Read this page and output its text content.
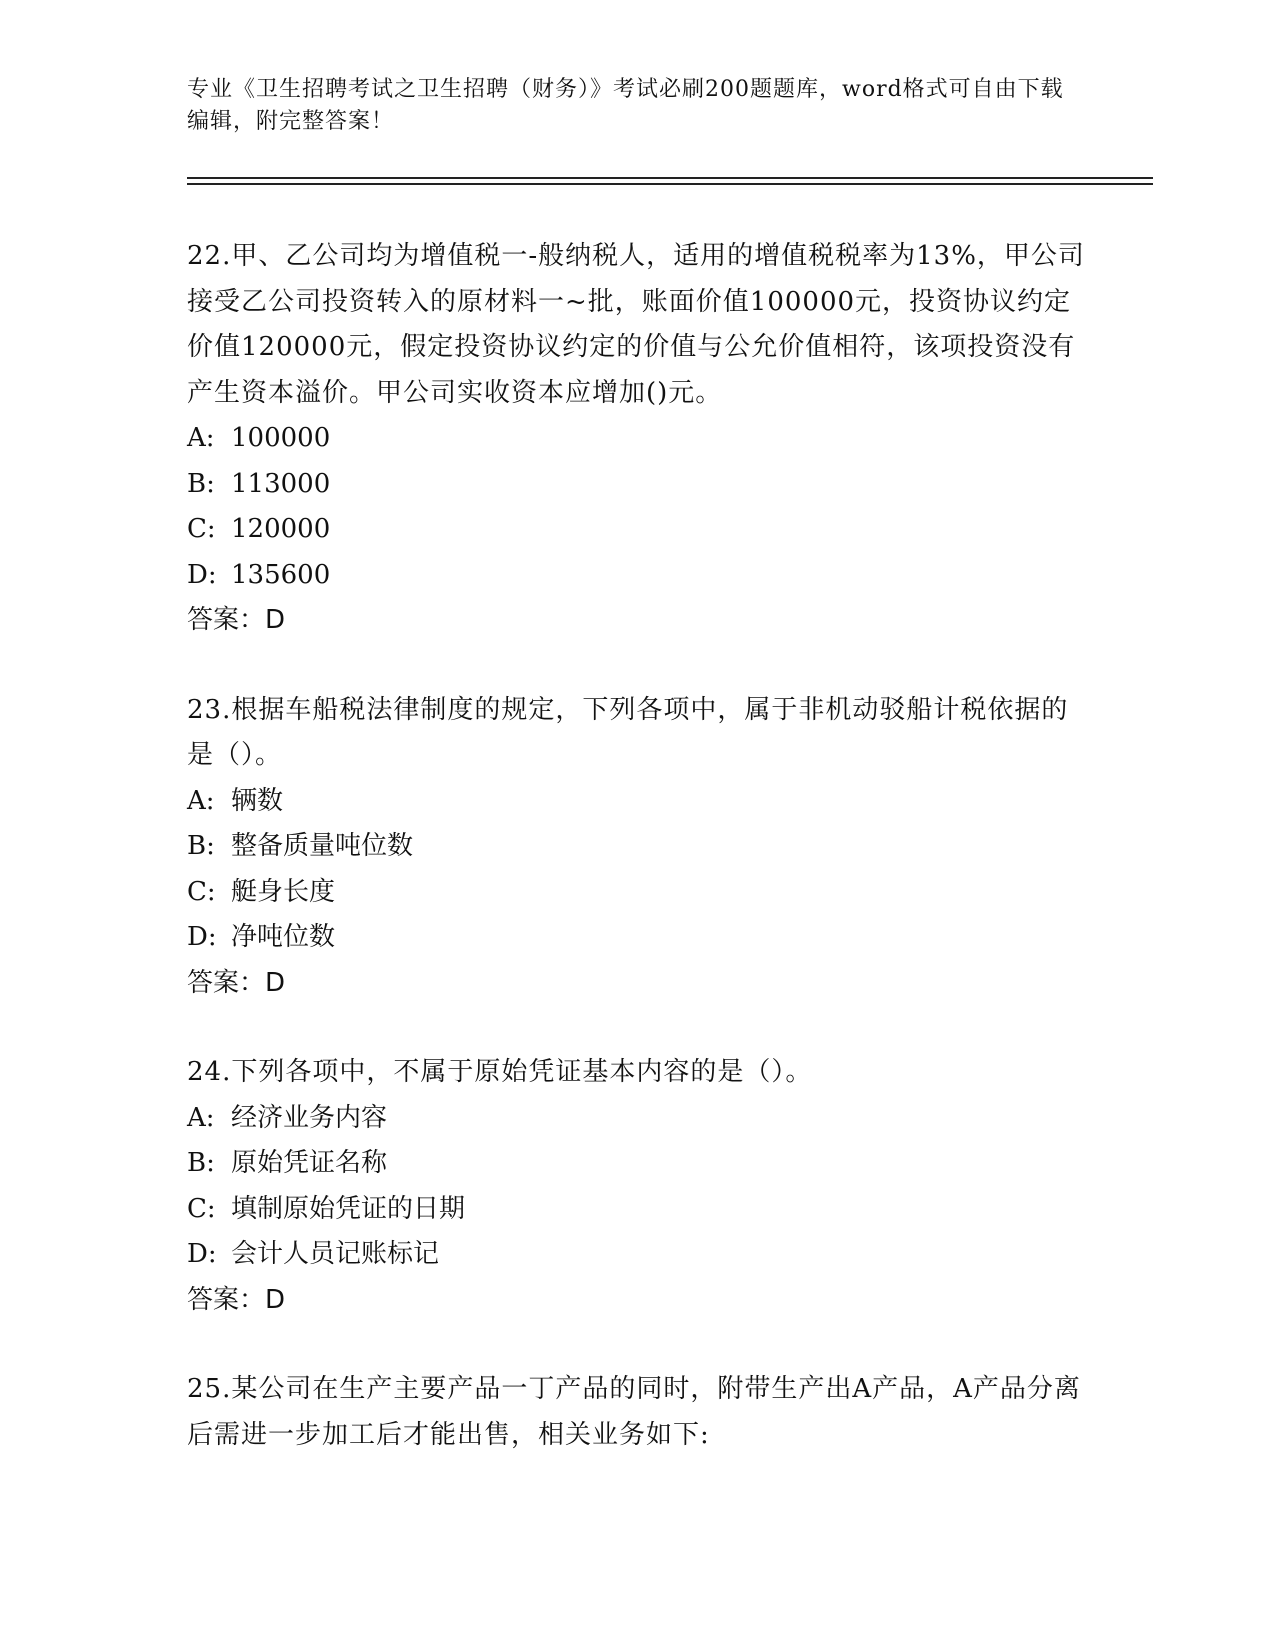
专业《卫生招聘考试之卫生招聘（财务）》考试必刷200题题库，word格式可自由下载编辑，附完整答案！

22.甲、乙公司均为增值税一-般纳税人，适用的增值税税率为13%，甲公司接受乙公司投资转入的原材料一~批，账面价值100000元，投资协议约定价值120000元，假定投资协议约定的价值与公允价值相符，该项投资没有产生资本溢价。甲公司实收资本应增加()元。

A: 100000

B: 113000

C: 120000

D: 135600

答案：D

23.根据车船税法律制度的规定，下列各项中，属于非机动驳船计税依据的是（）。

A: 辆数

B: 整备质量吨位数

C: 艇身长度

D: 净吨位数

答案：D

24.下列各项中，不属于原始凭证基本内容的是（）。

A: 经济业务内容

B: 原始凭证名称

C: 填制原始凭证的日期

D: 会计人员记账标记

答案：D

25.某公司在生产主要产品一丁产品的同时，附带生产出A产品，A产品分离后需进一步加工后才能出售，相关业务如下:
